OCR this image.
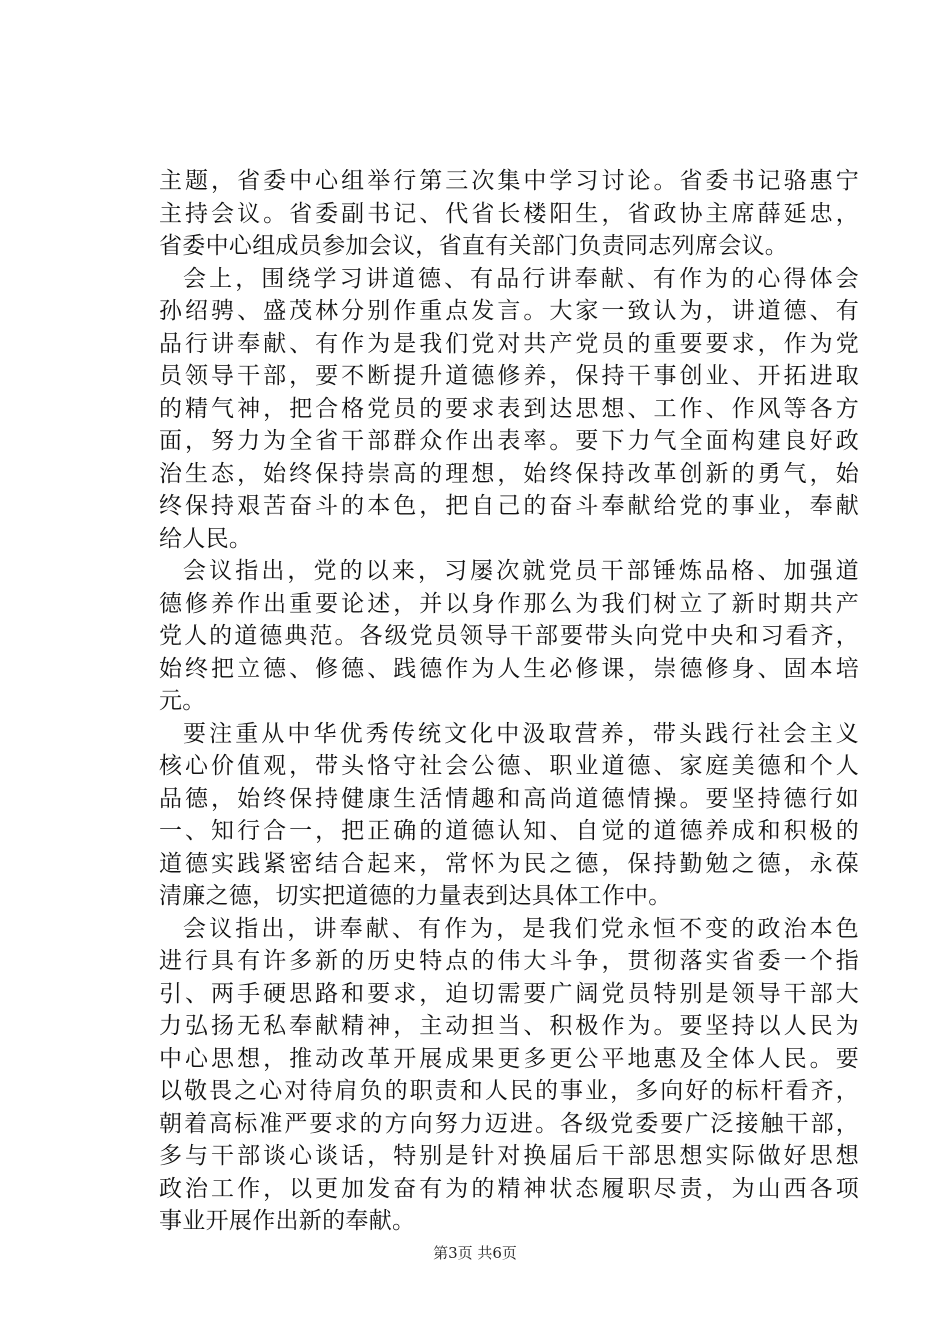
主题，省委中心组举行第三次集中学习讨论。省委书记骆惠宁
主持会议。省委副书记、代省长楼阳生，省政协主席薛延忠，
省委中心组成员参加会议，省直有关部门负责同志列席会议。
会上，围绕学习讲道德、有品行讲奉献、有作为的心得体会
孙绍骋、盛茂林分别作重点发言。大家一致认为，讲道德、有
品行讲奉献、有作为是我们党对共产党员的重要要求，作为党
员领导干部，要不断提升道德修养，保持干事创业、开拓进取
的精气神，把合格党员的要求表到达思想、工作、作风等各方
面，努力为全省干部群众作出表率。要下力气全面构建良好政
治生态，始终保持崇高的理想，始终保持改革创新的勇气，始
终保持艰苦奋斗的本色，把自己的奋斗奉献给党的事业，奉献
给人民。
会议指出，党的以来，习屡次就党员干部锤炼品格、加强道
德修养作出重要论述，并以身作那么为我们树立了新时期共产
党人的道德典范。各级党员领导干部要带头向党中央和习看齐，
始终把立德、修德、践德作为人生必修课，崇德修身、固本培
元。
要注重从中华优秀传统文化中汲取营养，带头践行社会主义
核心价值观，带头恪守社会公德、职业道德、家庭美德和个人
品德，始终保持健康生活情趣和高尚道德情操。要坚持德行如
一、知行合一，把正确的道德认知、自觉的道德养成和积极的
道德实践紧密结合起来，常怀为民之德，保持勤勉之德，永葆
清廉之德，切实把道德的力量表到达具体工作中。
会议指出，讲奉献、有作为，是我们党永恒不变的政治本色
进行具有许多新的历史特点的伟大斗争，贯彻落实省委一个指
引、两手硬思路和要求，迫切需要广阔党员特别是领导干部大
力弘扬无私奉献精神，主动担当、积极作为。要坚持以人民为
中心思想，推动改革开展成果更多更公平地惠及全体人民。要
以敬畏之心对待肩负的职责和人民的事业，多向好的标杆看齐，
朝着高标准严要求的方向努力迈进。各级党委要广泛接触干部，
多与干部谈心谈话，特别是针对换届后干部思想实际做好思想
政治工作，以更加发奋有为的精神状态履职尽责，为山西各项
事业开展作出新的奉献。
第3页 共6页
